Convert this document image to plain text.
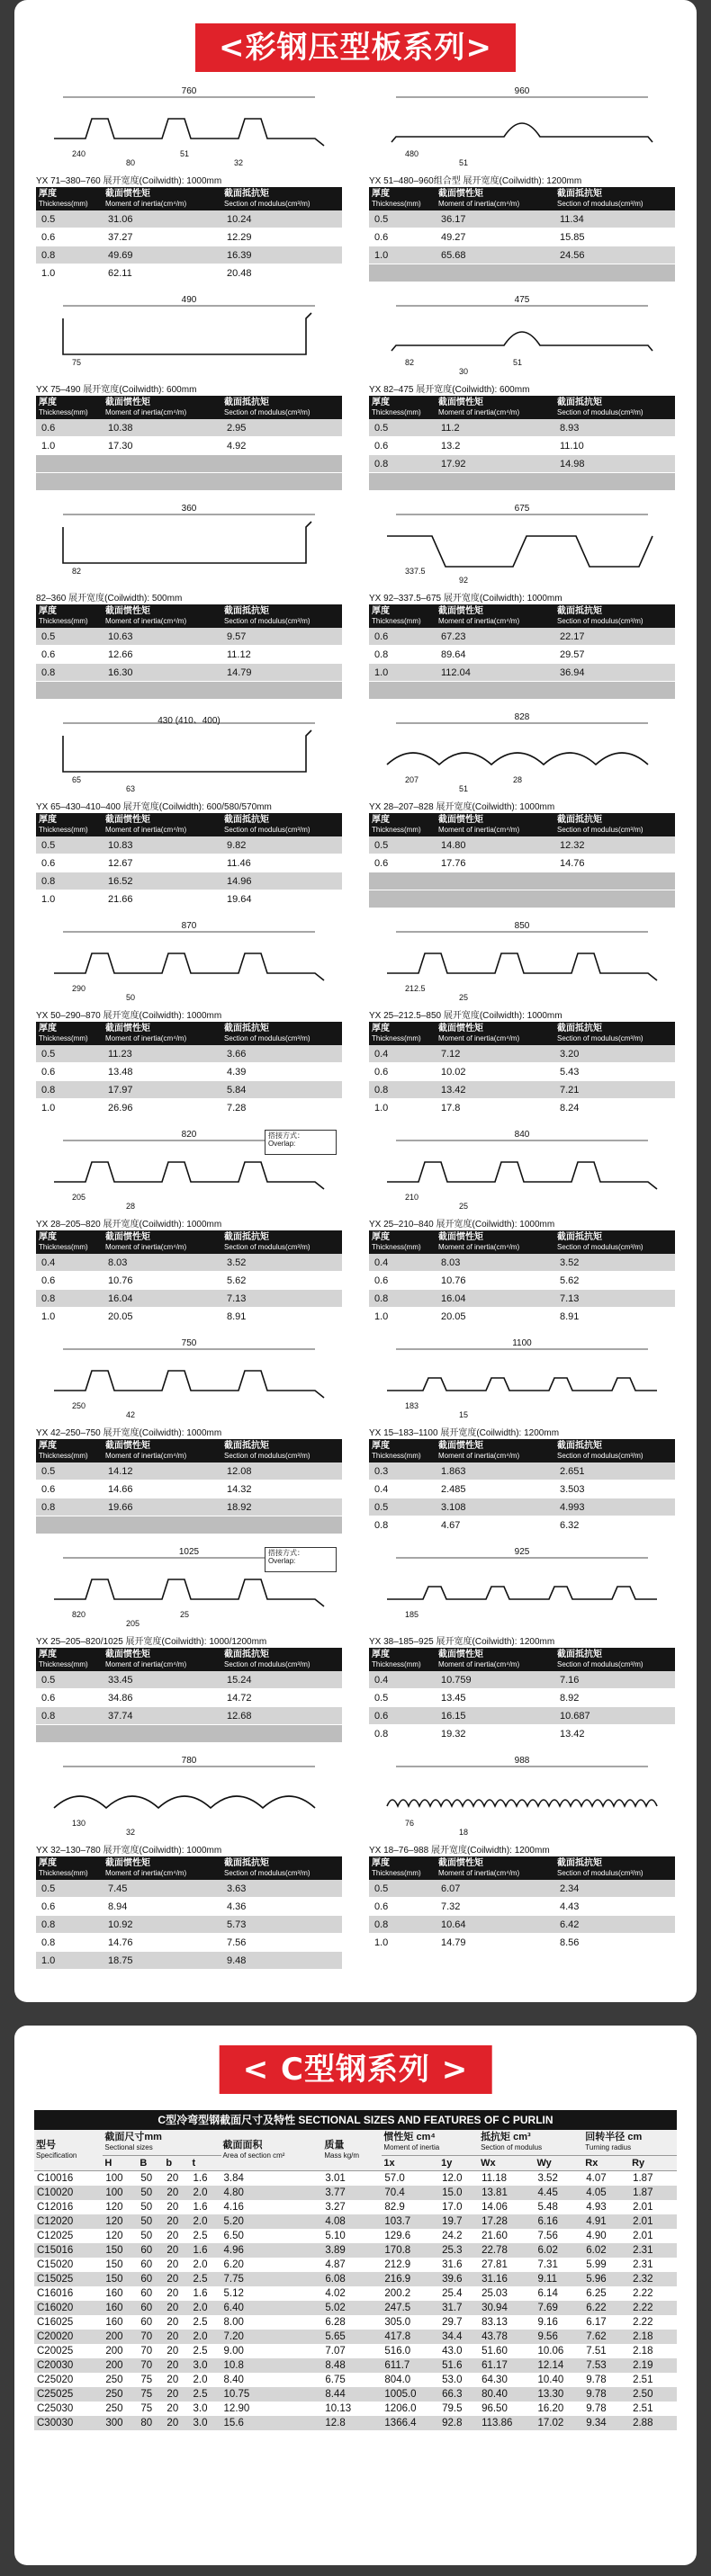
<彩钢压型板系列>
760
240
80
51
32
YX 71–380–760 展开宽度(Coilwidth): 1000mm
厚度
Thickness(mm)	截面惯性矩
Moment of inertia(cm⁴/m)	截面抵抗矩
Section of modulus(cm³/m)

0.5	31.06	10.24
0.6	37.27	12.29
0.8	49.69	16.39
1.0	62.11	20.48
960
480
51
YX 51–480–960组合型 展开宽度(Coilwidth): 1200mm
厚度
Thickness(mm)	截面惯性矩
Moment of inertia(cm⁴/m)	截面抵抗矩
Section of modulus(cm³/m)

0.5	36.17	11.34
0.6	49.27	15.85
1.0	65.68	24.56

490
75
YX 75–490 展开宽度(Coilwidth): 600mm
厚度
Thickness(mm)	截面惯性矩
Moment of inertia(cm⁴/m)	截面抵抗矩
Section of modulus(cm³/m)

0.6	10.38	2.95
1.0	17.30	4.92

475
82
30
51
YX 82–475 展开宽度(Coilwidth): 600mm
厚度
Thickness(mm)	截面惯性矩
Moment of inertia(cm⁴/m)	截面抵抗矩
Section of modulus(cm³/m)

0.5	11.2	8.93
0.6	13.2	11.10
0.8	17.92	14.98

360
82
82–360 展开宽度(Coilwidth): 500mm
厚度
Thickness(mm)	截面惯性矩
Moment of inertia(cm⁴/m)	截面抵抗矩
Section of modulus(cm³/m)

0.5	10.63	9.57
0.6	12.66	11.12
0.8	16.30	14.79

675
337.5
92
YX 92–337.5–675 展开宽度(Coilwidth): 1000mm
厚度
Thickness(mm)	截面惯性矩
Moment of inertia(cm⁴/m)	截面抵抗矩
Section of modulus(cm³/m)

0.6	67.23	22.17
0.8	89.64	29.57
1.0	112.04	36.94

430 (410、400)
65
63
YX 65–430–410–400 展开宽度(Coilwidth): 600/580/570mm
厚度
Thickness(mm)	截面惯性矩
Moment of inertia(cm⁴/m)	截面抵抗矩
Section of modulus(cm³/m)

0.5	10.83	9.82
0.6	12.67	11.46
0.8	16.52	14.96
1.0	21.66	19.64
828
207
51
28
YX 28–207–828 展开宽度(Coilwidth): 1000mm
厚度
Thickness(mm)	截面惯性矩
Moment of inertia(cm⁴/m)	截面抵抗矩
Section of modulus(cm³/m)

0.5	14.80	12.32
0.6	17.76	14.76

870
290
50
YX 50–290–870 展开宽度(Coilwidth): 1000mm
厚度
Thickness(mm)	截面惯性矩
Moment of inertia(cm⁴/m)	截面抵抗矩
Section of modulus(cm³/m)

0.5	11.23	3.66
0.6	13.48	4.39
0.8	17.97	5.84
1.0	26.96	7.28
850
212.5
25
YX 25–212.5–850 展开宽度(Coilwidth): 1000mm
厚度
Thickness(mm)	截面惯性矩
Moment of inertia(cm⁴/m)	截面抵抗矩
Section of modulus(cm³/m)

0.4	7.12	3.20
0.6	10.02	5.43
0.8	13.42	7.21
1.0	17.8	8.24
820
205
28
搭接方式：
Overlap:
YX 28–205–820 展开宽度(Coilwidth): 1000mm
厚度
Thickness(mm)	截面惯性矩
Moment of inertia(cm⁴/m)	截面抵抗矩
Section of modulus(cm³/m)

0.4	8.03	3.52
0.6	10.76	5.62
0.8	16.04	7.13
1.0	20.05	8.91
840
210
25
YX 25–210–840 展开宽度(Coilwidth): 1000mm
厚度
Thickness(mm)	截面惯性矩
Moment of inertia(cm⁴/m)	截面抵抗矩
Section of modulus(cm³/m)

0.4	8.03	3.52
0.6	10.76	5.62
0.8	16.04	7.13
1.0	20.05	8.91
750
250
42
YX 42–250–750 展开宽度(Coilwidth): 1000mm
厚度
Thickness(mm)	截面惯性矩
Moment of inertia(cm⁴/m)	截面抵抗矩
Section of modulus(cm³/m)

0.5	14.12	12.08
0.6	14.66	14.32
0.8	19.66	18.92

1100
183
15
YX 15–183–1100 展开宽度(Coilwidth): 1200mm
厚度
Thickness(mm)	截面惯性矩
Moment of inertia(cm⁴/m)	截面抵抗矩
Section of modulus(cm³/m)

0.3	1.863	2.651
0.4	2.485	3.503
0.5	3.108	4.993
0.8	4.67	6.32
1025
820
205
25
搭接方式：
Overlap:
YX 25–205–820/1025 展开宽度(Coilwidth): 1000/1200mm
厚度
Thickness(mm)	截面惯性矩
Moment of inertia(cm⁴/m)	截面抵抗矩
Section of modulus(cm³/m)

0.5	33.45	15.24
0.6	34.86	14.72
0.8	37.74	12.68

925
185
YX 38–185–925 展开宽度(Coilwidth): 1200mm
厚度
Thickness(mm)	截面惯性矩
Moment of inertia(cm⁴/m)	截面抵抗矩
Section of modulus(cm³/m)

0.4	10.759	7.16
0.5	13.45	8.92
0.6	16.15	10.687
0.8	19.32	13.42
780
130
32
YX 32–130–780 展开宽度(Coilwidth): 1000mm
厚度
Thickness(mm)	截面惯性矩
Moment of inertia(cm⁴/m)	截面抵抗矩
Section of modulus(cm³/m)

0.5	7.45	3.63
0.6	8.94	4.36
0.8	10.92	5.73
0.8	14.76	7.56
1.0	18.75	9.48
988
76
18
YX 18–76–988 展开宽度(Coilwidth): 1200mm
厚度
Thickness(mm)	截面惯性矩
Moment of inertia(cm⁴/m)	截面抵抗矩
Section of modulus(cm³/m)

0.5	6.07	2.34
0.6	7.32	4.43
0.8	10.64	6.42
1.0	14.79	8.56
< C型钢系列 >
C型冷弯型钢截面尺寸及特性 SECTIONAL SIZES AND FEATURES OF C PURLIN
型号
Specification	截面尺寸mm
Sectional sizes				截面面积
Area of section cm²	质量
Mass kg/m	惯性矩 cm⁴
Moment of inertia		抵抗矩 cm³
Section of modulus		回转半径 cm
Turning radius	

	H	B	b	t			1x	1y	Wx	Wy	Rx	Ry
C10016	100	50	20	1.6	3.84	3.01	57.0	12.0	11.18	3.52	4.07	1.87
C10020	100	50	20	2.0	4.80	3.77	70.4	15.0	13.81	4.45	4.05	1.87
C12016	120	50	20	1.6	4.16	3.27	82.9	17.0	14.06	5.48	4.93	2.01
C12020	120	50	20	2.0	5.20	4.08	103.7	19.7	17.28	6.16	4.91	2.01
C12025	120	50	20	2.5	6.50	5.10	129.6	24.2	21.60	7.56	4.90	2.01
C15016	150	60	20	1.6	4.96	3.89	170.8	25.3	22.78	6.02	6.02	2.31
C15020	150	60	20	2.0	6.20	4.87	212.9	31.6	27.81	7.31	5.99	2.31
C15025	150	60	20	2.5	7.75	6.08	216.9	39.6	31.16	9.11	5.96	2.32
C16016	160	60	20	1.6	5.12	4.02	200.2	25.4	25.03	6.14	6.25	2.22
C16020	160	60	20	2.0	6.40	5.02	247.5	31.7	30.94	7.69	6.22	2.22
C16025	160	60	20	2.5	8.00	6.28	305.0	29.7	83.13	9.16	6.17	2.22
C20020	200	70	20	2.0	7.20	5.65	417.8	34.4	43.78	9.56	7.62	2.18
C20025	200	70	20	2.5	9.00	7.07	516.0	43.0	51.60	10.06	7.51	2.18
C20030	200	70	20	3.0	10.8	8.48	611.7	51.6	61.17	12.14	7.53	2.19
C25020	250	75	20	2.0	8.40	6.75	804.0	53.0	64.30	10.40	9.78	2.51
C25025	250	75	20	2.5	10.75	8.44	1005.0	66.3	80.40	13.30	9.78	2.50
C25030	250	75	20	3.0	12.90	10.13	1206.0	79.5	96.50	16.20	9.78	2.51
C30030	300	80	20	3.0	15.6	12.8	1366.4	92.8	113.86	17.02	9.34	2.88
